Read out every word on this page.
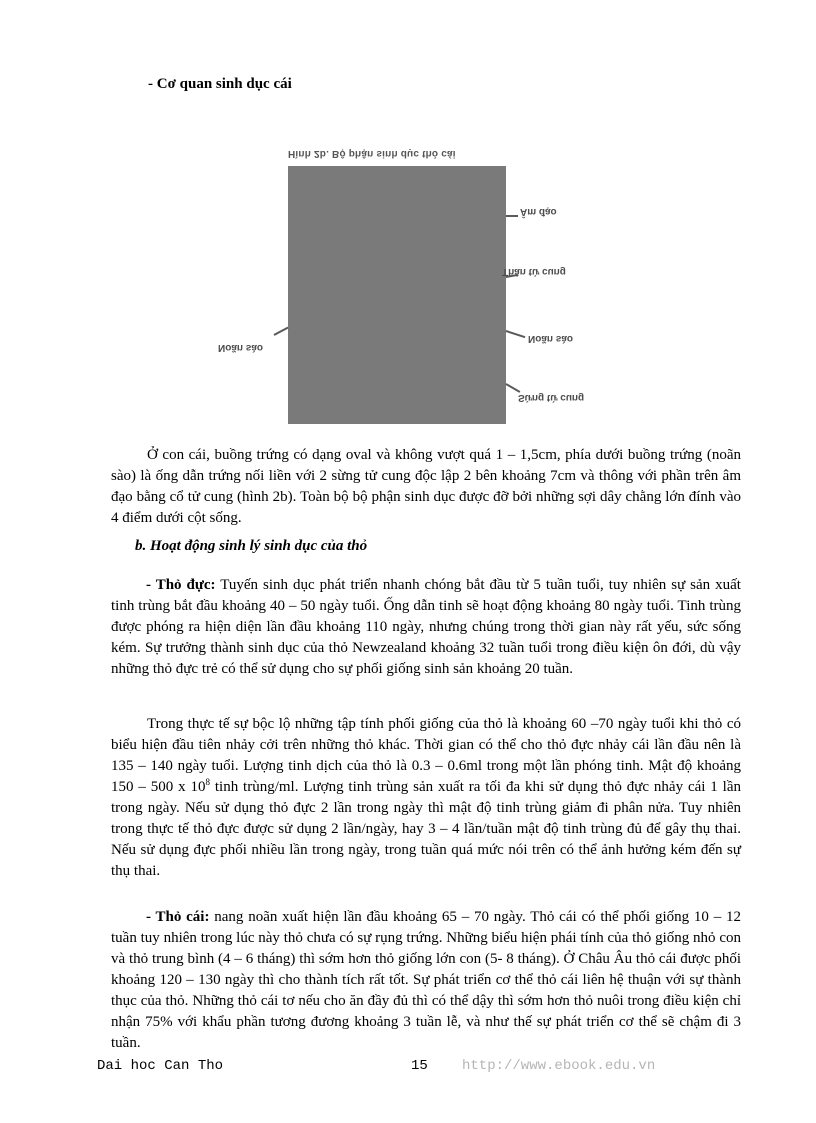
- Cơ quan sinh dục cái
Hình 2b. Bộ phận sinh dục thỏ cái
Âm đạo
Thân tử cung
Noãn sào
Sừng tử cung
Noãn sào
Ở con cái, buồng trứng có dạng oval và không vượt quá 1 – 1,5cm, phía dưới buồng trứng (noãn sào) là ống dẫn trứng nối liền với 2 sừng tử cung độc lập 2 bên khoảng 7cm và thông với phần trên âm đạo bằng cổ tử cung (hình 2b). Toàn bộ bộ phận sinh dục được đỡ bởi những sợi dây chằng lớn đính vào 4 điểm dưới cột sống.
b. Hoạt động sinh lý sinh dục của thỏ
- Thỏ đực: Tuyến sinh dục phát triển nhanh chóng bắt đầu từ 5 tuần tuổi, tuy nhiên sự sản xuất tinh trùng bắt đầu khoảng 40 – 50 ngày tuổi. Ống dẫn tinh sẽ hoạt động khoảng 80 ngày tuổi. Tinh trùng được phóng ra hiện diện lần đầu khoảng 110 ngày, nhưng chúng trong thời gian này rất yếu, sức sống kém. Sự trưởng thành sinh dục của thỏ Newzealand khoảng 32 tuần tuổi trong điều kiện ôn đới, dù vậy những thỏ đực trẻ có thể sử dụng cho sự phối giống sinh sản khoảng 20 tuần.
Trong thực tế sự bộc lộ những tập tính phối giống của thỏ là khoảng 60 –70 ngày tuổi khi thỏ có biểu hiện đầu tiên nhảy cởi trên những thỏ khác. Thời gian có thể cho thỏ đực nhảy cái lần đầu nên là 135 – 140 ngày tuổi. Lượng tinh dịch của thỏ là 0.3 – 0.6ml trong một lần phóng tinh. Mật độ khoảng 150 – 500 x $10^8$ tinh trùng/ml. Lượng tinh trùng sản xuất ra tối đa khi sử dụng thỏ đực nhảy cái 1 lần trong ngày. Nếu sử dụng thỏ đực 2 lần trong ngày thì mật độ tinh trùng giảm đi phân nửa. Tuy nhiên trong thực tế thỏ đực được sử dụng 2 lần/ngày, hay 3 – 4 lần/tuần mật độ tinh trùng đủ để gây thụ thai. Nếu sử dụng đực phối nhiều lần trong ngày, trong tuần quá mức nói trên có thể ảnh hưởng kém đến sự thụ thai.
- Thỏ cái: nang noãn xuất hiện lần đầu khoảng 65 – 70 ngày. Thỏ cái có thể phối giống 10 – 12 tuần tuy nhiên trong lúc này thỏ chưa có sự rụng trứng. Những biểu hiện phái tính của thỏ giống nhỏ con và thỏ trung bình (4 – 6 tháng) thì sớm hơn thỏ giống lớn con (5- 8 tháng). Ở Châu Âu thỏ cái được phối khoảng 120 – 130 ngày thì cho thành tích rất tốt. Sự phát triển cơ thể thỏ cái liên hệ thuận với sự thành thục của thỏ. Những thỏ cái tơ nếu cho ăn đầy đủ thì có thể dậy thì sớm hơn thỏ nuôi trong điều kiện chỉ nhận 75% với khẩu phần tương đương khoảng 3 tuần lễ, và như thế sự phát triển cơ thể sẽ chậm đi 3 tuần.
Dai hoc Can Tho	15 http://www.ebook.edu.vn
